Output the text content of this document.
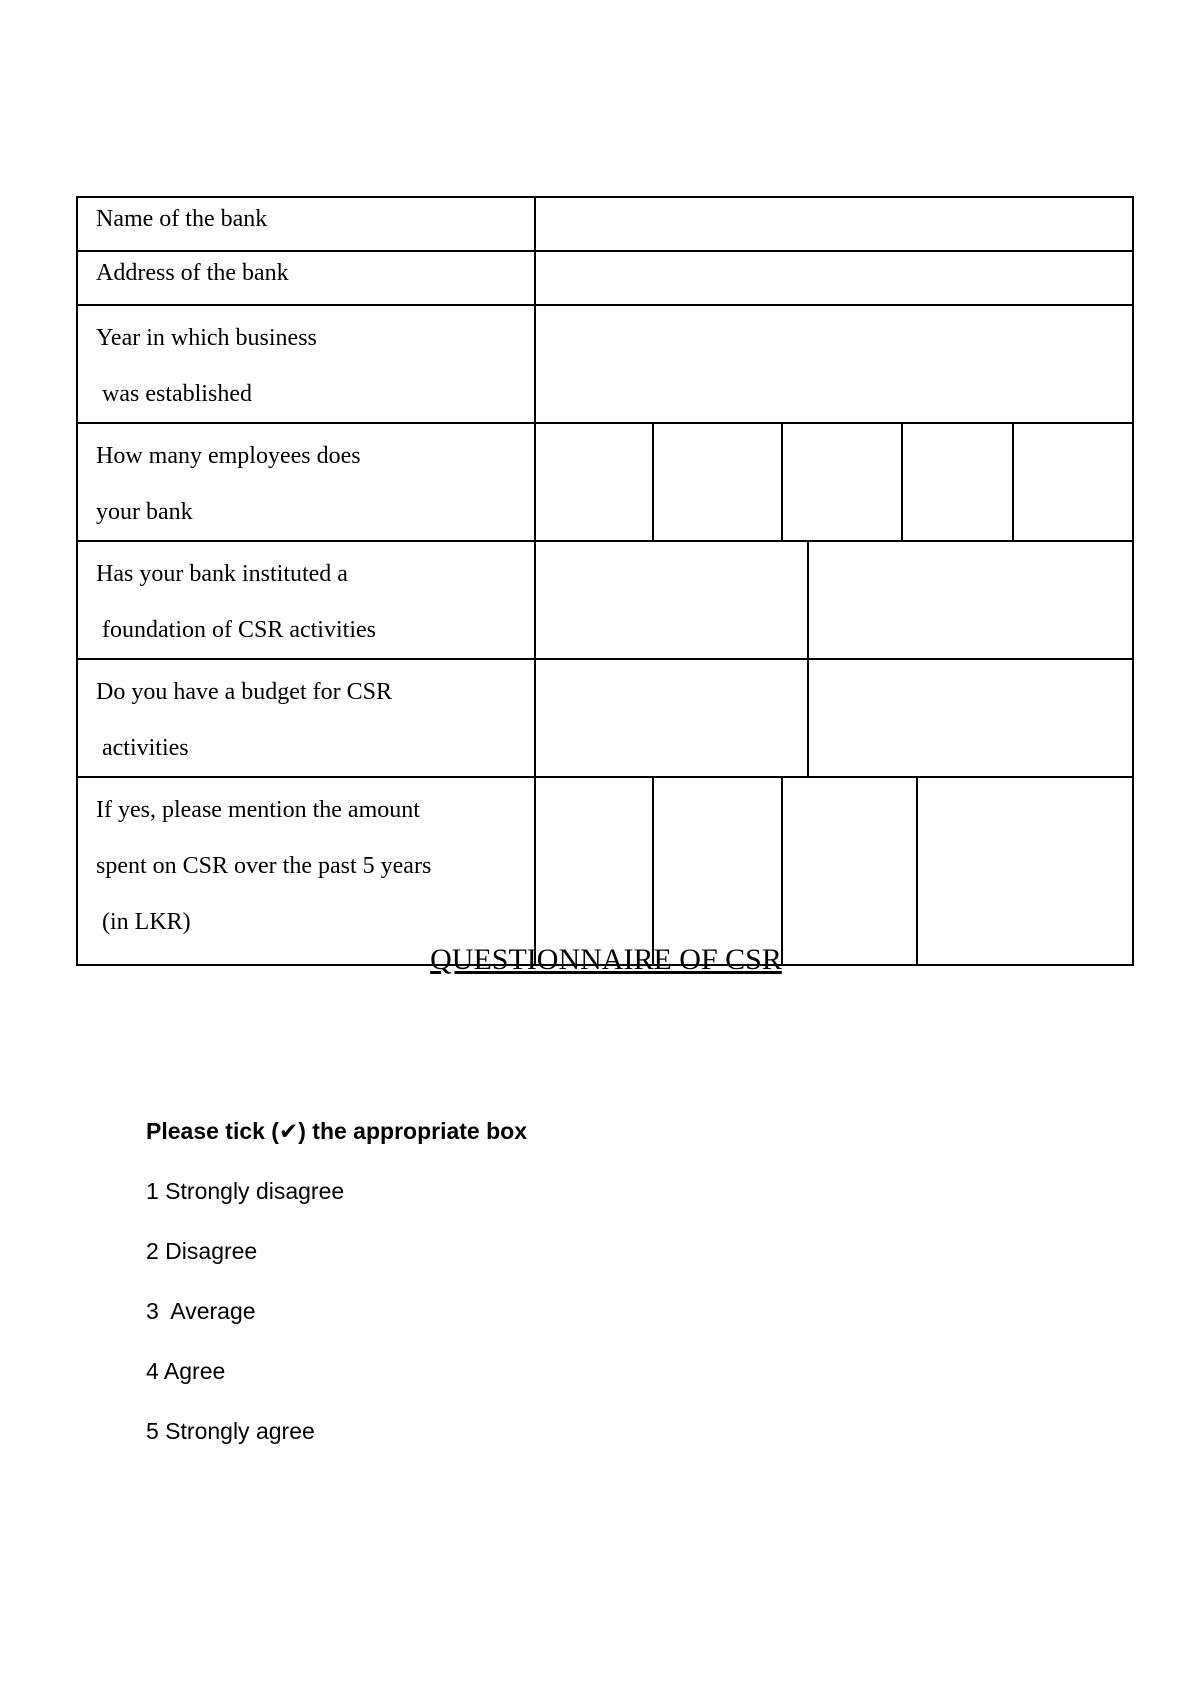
Name of the bank								

Address of the bank								

Year in which business
was established								

How many employees does
your bank								

Has your bank instituted a
foundation of CSR activities								

Do you have a budget for CSR
activities								

If yes, please mention the amount
spent on CSR over the past 5 years
(in LKR)								

QUESTIONNAIRE OF CSR

Please tick (✔) the appropriate box

1 Strongly disagree

2 Disagree

3  Average

4 Agree

5 Strongly agree
